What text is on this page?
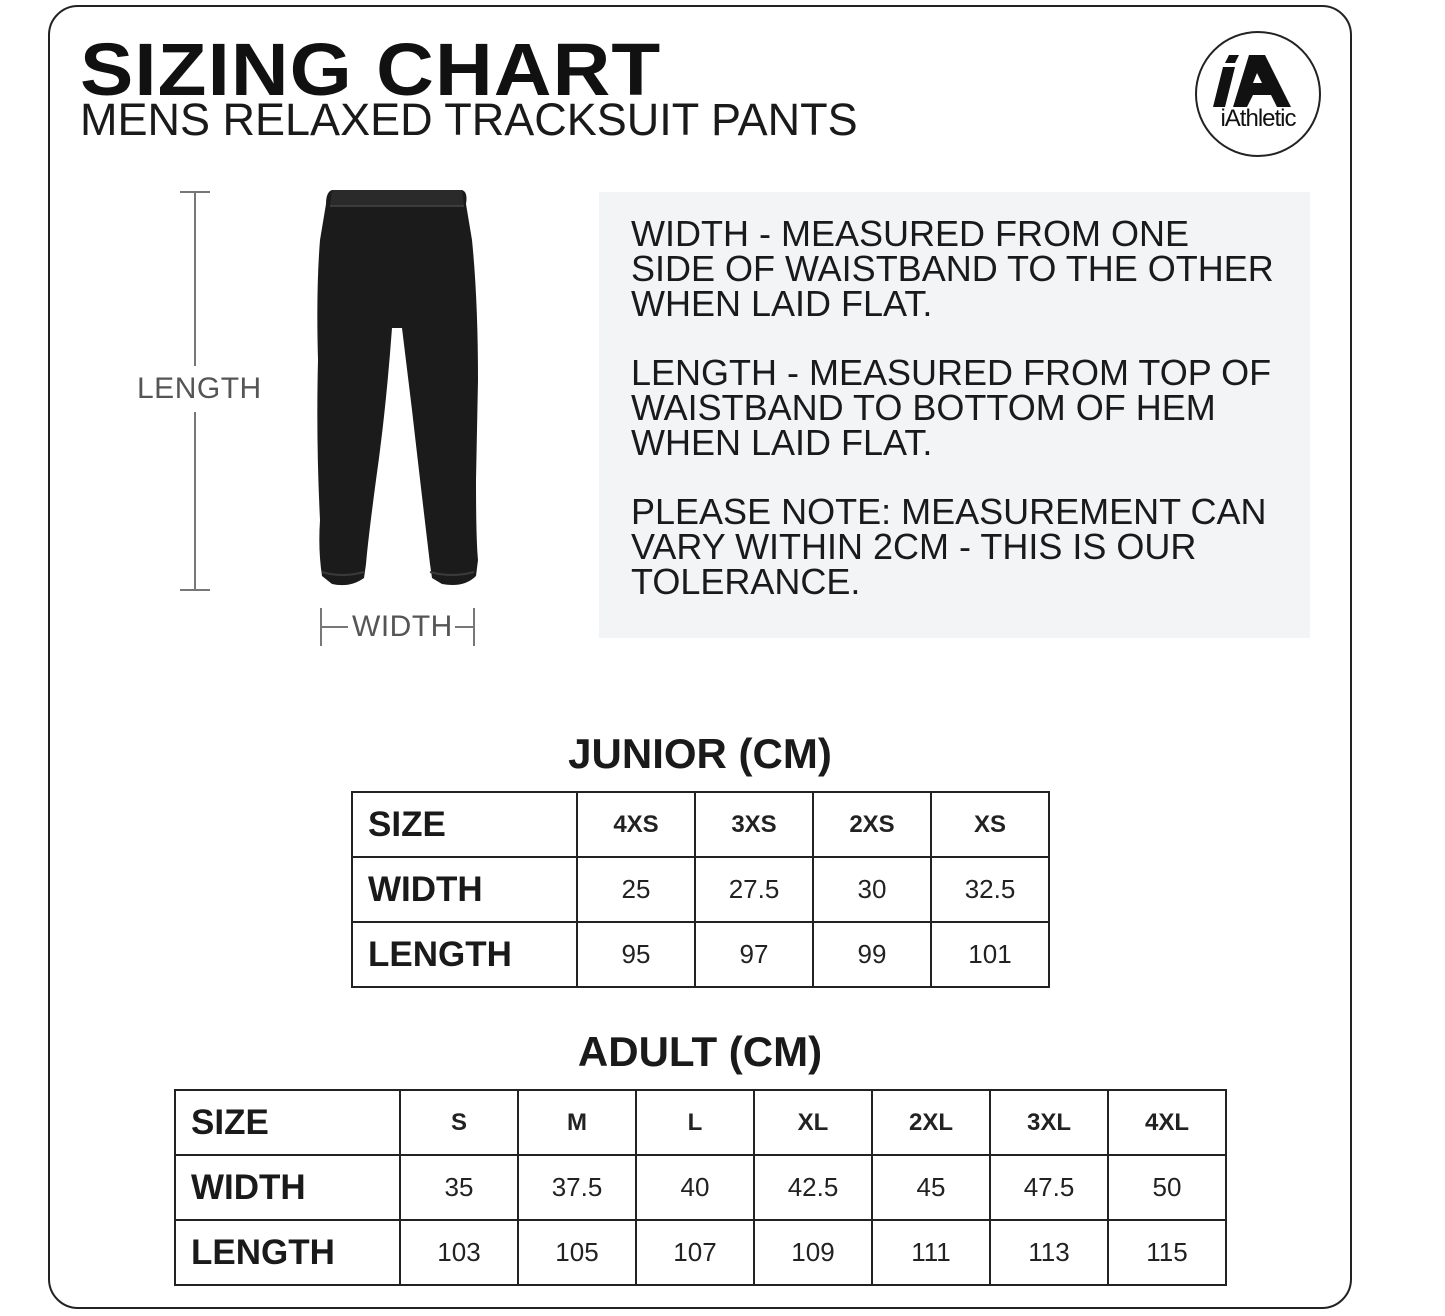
SIZING CHART
MENS RELAXED TRACKSUIT PANTS	iAthletic
LENGTH
WIDTH

WIDTH - MEASURED FROM ONE SIDE OF WAISTBAND TO THE OTHER WHEN LAID FLAT.

LENGTH - MEASURED FROM TOP OF WAISTBAND TO BOTTOM OF HEM WHEN LAID FLAT.

PLEASE NOTE: MEASUREMENT CAN VARY WITHIN 2CM - THIS IS OUR TOLERANCE.

JUNIOR (CM)
SIZE	4XS	3XS	2XS	XS
WIDTH	25	27.5	30	32.5
LENGTH	95	97	99	101
ADULT (CM)
SIZE	S	M	L	XL	2XL	3XL	4XL
WIDTH	35	37.5	40	42.5	45	47.5	50
LENGTH	103	105	107	109	111	113	115
